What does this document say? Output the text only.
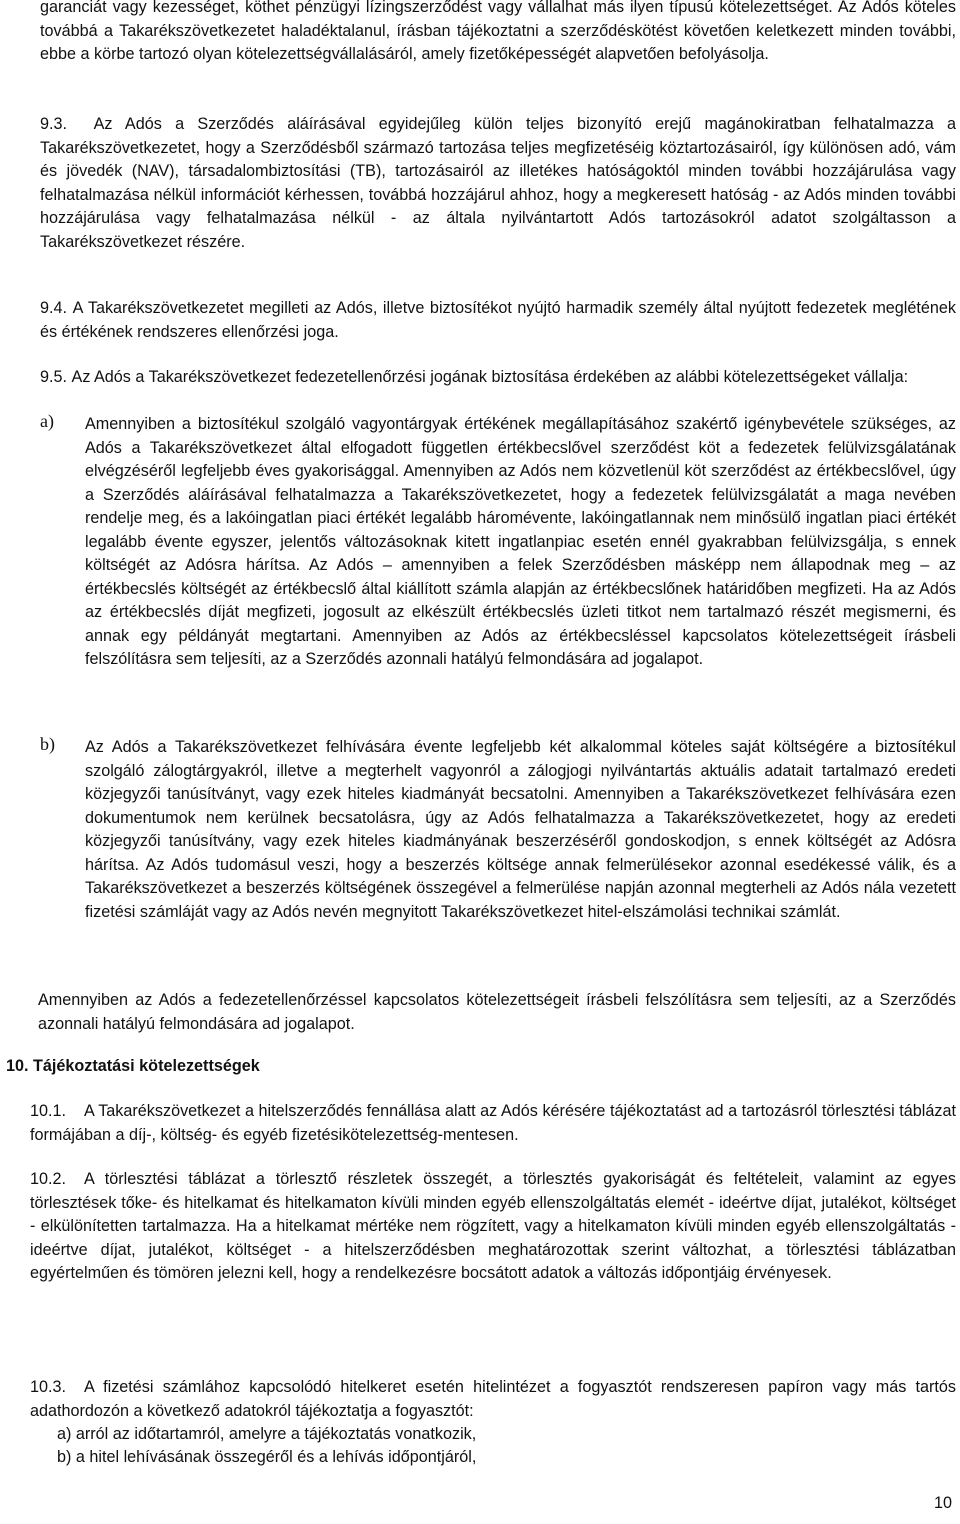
garanciát vagy kezességet, köthet pénzügyi lízingszerződést vagy vállalhat más ilyen típusú kötelezettséget. Az Adós köteles továbbá a Takarékszövetkezetet haladéktalanul, írásban tájékoztatni a szerződéskötést követően keletkezett minden további, ebbe a körbe tartozó olyan kötelezettségvállalásáról, amely fizetőképességét alapvetően befolyásolja.

9.3. Az Adós a Szerződés aláírásával egyidejűleg külön teljes bizonyító erejű magánokiratban felhatalmazza a Takarékszövetkezetet, hogy a Szerződésből származó tartozása teljes megfizetéséig köztartozásairól, így különösen adó, vám és jövedék (NAV), társadalombiztosítási (TB), tartozásairól az illetékes hatóságoktól minden további hozzájárulása vagy felhatalmazása nélkül információt kérhessen, továbbá hozzájárul ahhoz, hogy a megkeresett hatóság - az Adós minden további hozzájárulása vagy felhatalmazása nélkül - az általa nyilvántartott Adós tartozásokról adatot szolgáltasson a Takarékszövetkezet részére.

9.4. A Takarékszövetkezetet megilleti az Adós, illetve biztosítékot nyújtó harmadik személy által nyújtott fedezetek meglétének és értékének rendszeres ellenőrzési joga.

9.5. Az Adós a Takarékszövetkezet fedezetellenőrzési jogának biztosítása érdekében az alábbi kötelezettségeket vállalja:

a) Amennyiben a biztosítékul szolgáló vagyontárgyak értékének megállapításához szakértő igénybevétele szükséges, az Adós a Takarékszövetkezet által elfogadott független értékbecslővel szerződést köt a fedezetek felülvizsgálatának elvégzéséről legfeljebb éves gyakorisággal. Amennyiben az Adós nem közvetlenül köt szerződést az értékbecslővel, úgy a Szerződés aláírásával felhatalmazza a Takarékszövetkezetet, hogy a fedezetek felülvizsgálatát a maga nevében rendelje meg, és a lakóingatlan piaci értékét legalább háromévente, lakóingatlannak nem minősülő ingatlan piaci értékét legalább évente egyszer, jelentős változásoknak kitett ingatlanpiac esetén ennél gyakrabban felülvizsgálja, s ennek költségét az Adósra hárítsa. Az Adós – amennyiben a felek Szerződésben másképp nem állapodnak meg – az értékbecslés költségét az értékbecslő által kiállított számla alapján az értékbecslőnek határidőben megfizeti. Ha az Adós az értékbecslés díját megfizeti, jogosult az elkészült értékbecslés üzleti titkot nem tartalmazó részét megismerni, és annak egy példányát megtartani. Amennyiben az Adós az értékbecsléssel kapcsolatos kötelezettségeit írásbeli felszólításra sem teljesíti, az a Szerződés azonnali hatályú felmondására ad jogalapot.

b) Az Adós a Takarékszövetkezet felhívására évente legfeljebb két alkalommal köteles saját költségére a biztosítékul szolgáló zálogtárgyakról, illetve a megterhelt vagyonról a zálogjogi nyilvántartás aktuális adatait tartalmazó eredeti közjegyzői tanúsítványt, vagy ezek hiteles kiadmányát becsatolni. Amennyiben a Takarékszövetkezet felhívására ezen dokumentumok nem kerülnek becsatolásra, úgy az Adós felhatalmazza a Takarékszövetkezetet, hogy az eredeti közjegyzői tanúsítvány, vagy ezek hiteles kiadmányának beszerzéséről gondoskodjon, s ennek költségét az Adósra hárítsa. Az Adós tudomásul veszi, hogy a beszerzés költsége annak felmerülésekor azonnal esedékessé válik, és a Takarékszövetkezet a beszerzés költségének összegével a felmerülése napján azonnal megterheli az Adós nála vezetett fizetési számláját vagy az Adós nevén megnyitott Takarékszövetkezet hitel-elszámolási technikai számlát.

Amennyiben az Adós a fedezetellenőrzéssel kapcsolatos kötelezettségeit írásbeli felszólításra sem teljesíti, az a Szerződés azonnali hatályú felmondására ad jogalapot.

10. Tájékoztatási kötelezettségek

10.1. A Takarékszövetkezet a hitelszerződés fennállása alatt az Adós kérésére tájékoztatást ad a tartozásról törlesztési táblázat formájában a díj-, költség- és egyéb fizetésikötelezettség-mentesen.

10.2. A törlesztési táblázat a törlesztő részletek összegét, a törlesztés gyakoriságát és feltételeit, valamint az egyes törlesztések tőke- és hitelkamat és hitelkamaton kívüli minden egyéb ellenszolgáltatás elemét - ideértve díjat, jutalékot, költséget - elkülönítetten tartalmazza. Ha a hitelkamat mértéke nem rögzített, vagy a hitelkamaton kívüli minden egyéb ellenszolgáltatás - ideértve díjat, jutalékot, költséget - a hitelszerződésben meghatározottak szerint változhat, a törlesztési táblázatban egyértelműen és tömören jelezni kell, hogy a rendelkezésre bocsátott adatok a változás időpontjáig érvényesek.

10.3. A fizetési számlához kapcsolódó hitelkeret esetén hitelintézet a fogyasztót rendszeresen papíron vagy más tartós adathordozón a következő adatokról tájékoztatja a fogyasztót:

a) arról az időtartamról, amelyre a tájékoztatás vonatkozik,
b) a hitel lehívásának összegéről és a lehívás időpontjáról,
10
